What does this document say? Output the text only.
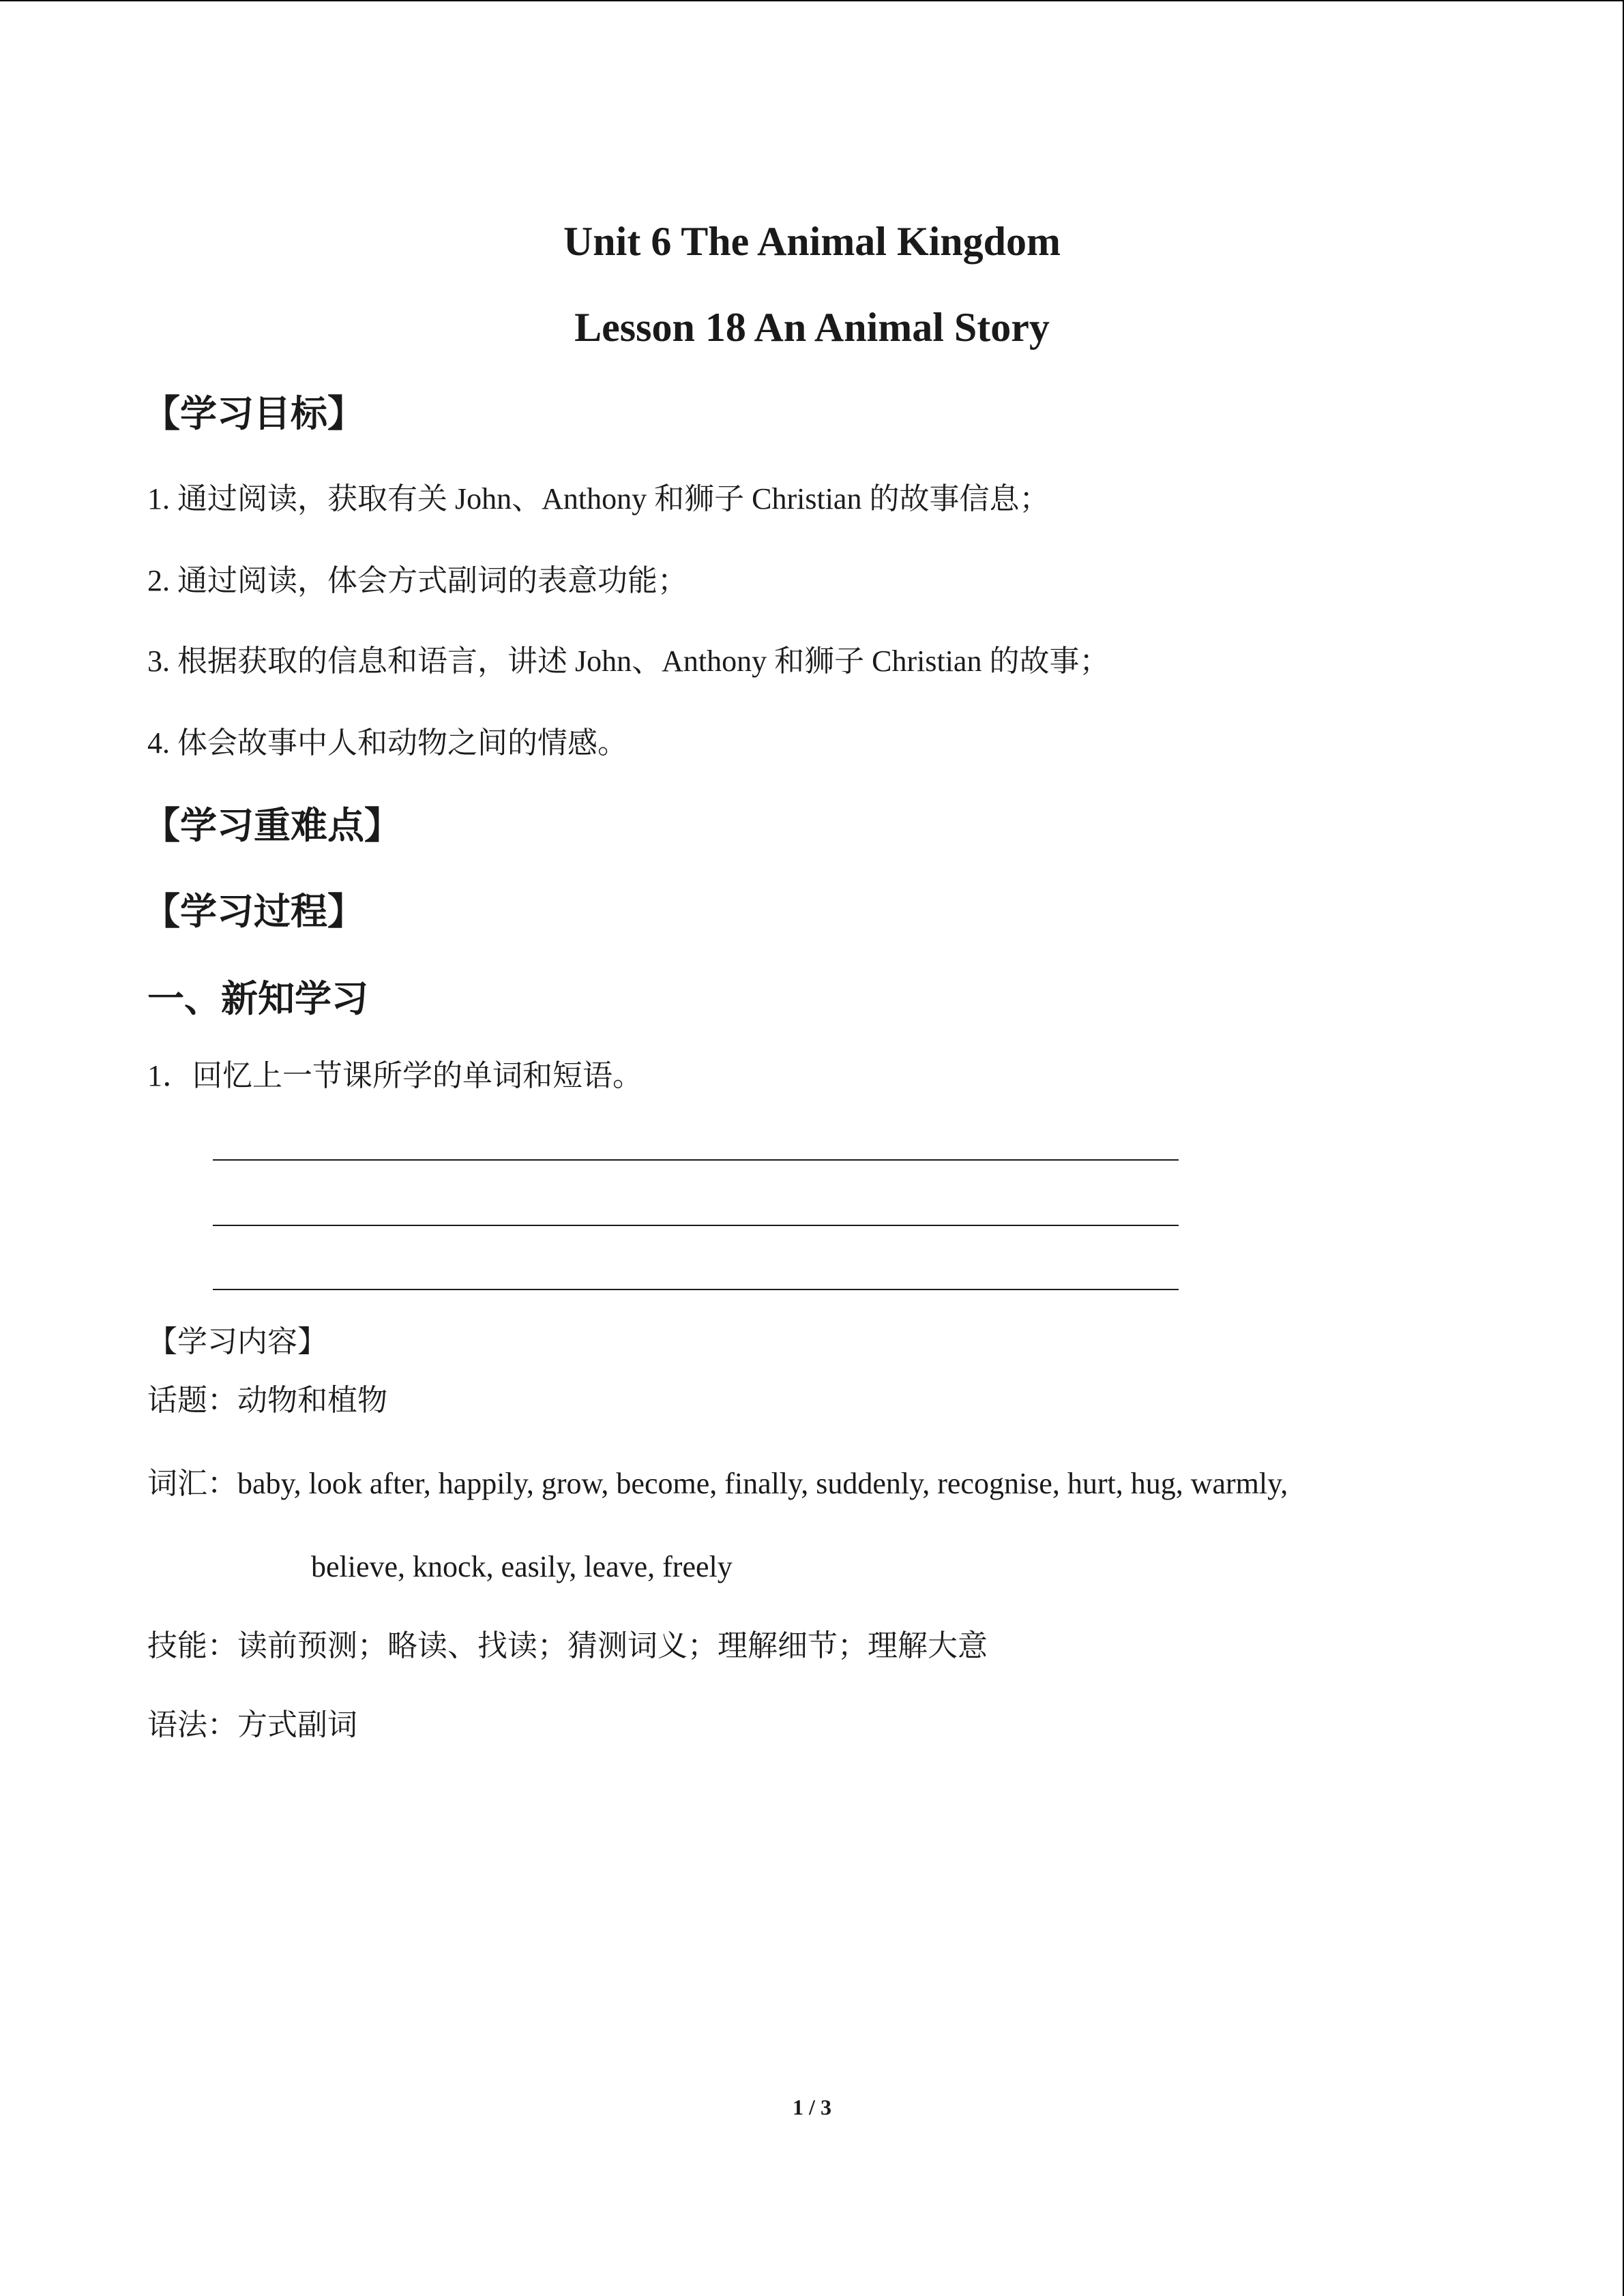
Unit 6 The Animal Kingdom
Lesson 18 An Animal Story
【学习目标】

1. 通过阅读，获取有关 John、Anthony 和狮子 Christian 的故事信息；

2. 通过阅读，体会方式副词的表意功能；

3. 根据获取的信息和语言，讲述 John、Anthony 和狮子 Christian 的故事；

4. 体会故事中人和动物之间的情感。

【学习重难点】
【学习过程】
一、新知学习

1．回忆上一节课所学的单词和短语。

【学习内容】

话题：动物和植物

词汇：baby, look after, happily, grow, become, finally, suddenly, recognise, hurt, hug, warmly,

believe, knock, easily, leave, freely

技能：读前预测；略读、找读；猜测词义；理解细节；理解大意

语法：方式副词

1 / 3
